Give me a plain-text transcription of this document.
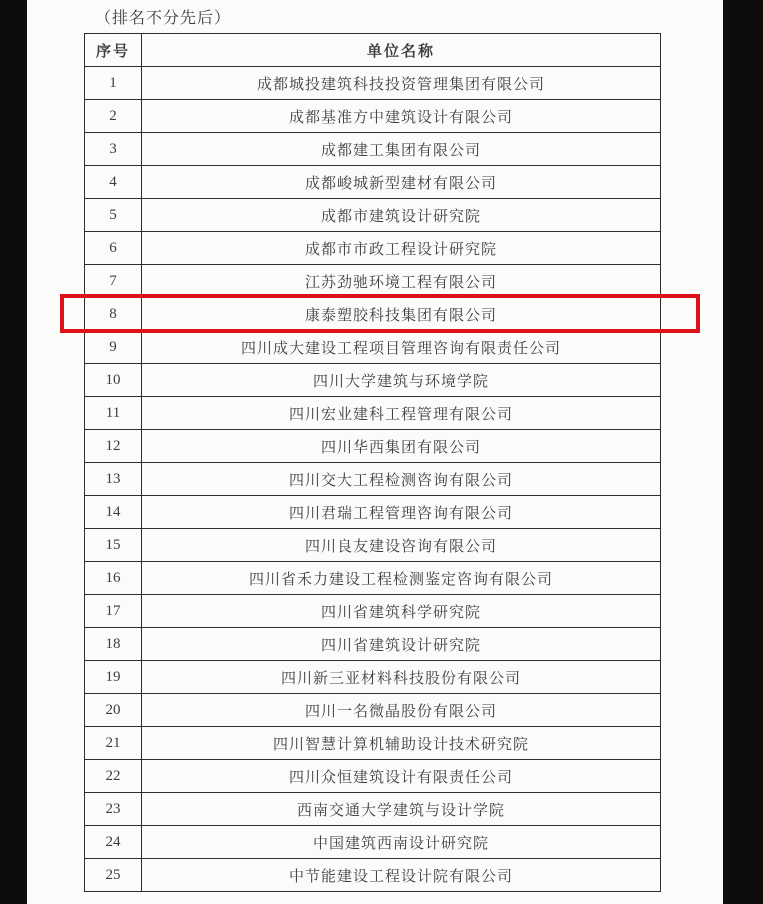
（排名不分先后）
序号	单位名称
1	成都城投建筑科技投资管理集团有限公司
2	成都基准方中建筑设计有限公司
3	成都建工集团有限公司
4	成都峻城新型建材有限公司
5	成都市建筑设计研究院
6	成都市市政工程设计研究院
7	江苏劲驰环境工程有限公司
8	康泰塑胶科技集团有限公司
9	四川成大建设工程项目管理咨询有限责任公司
10	四川大学建筑与环境学院
11	四川宏业建科工程管理有限公司
12	四川华西集团有限公司
13	四川交大工程检测咨询有限公司
14	四川君瑞工程管理咨询有限公司
15	四川良友建设咨询有限公司
16	四川省禾力建设工程检测鉴定咨询有限公司
17	四川省建筑科学研究院
18	四川省建筑设计研究院
19	四川新三亚材料科技股份有限公司
20	四川一名微晶股份有限公司
21	四川智慧计算机辅助设计技术研究院
22	四川众恒建筑设计有限责任公司
23	西南交通大学建筑与设计学院
24	中国建筑西南设计研究院
25	中节能建设工程设计院有限公司
